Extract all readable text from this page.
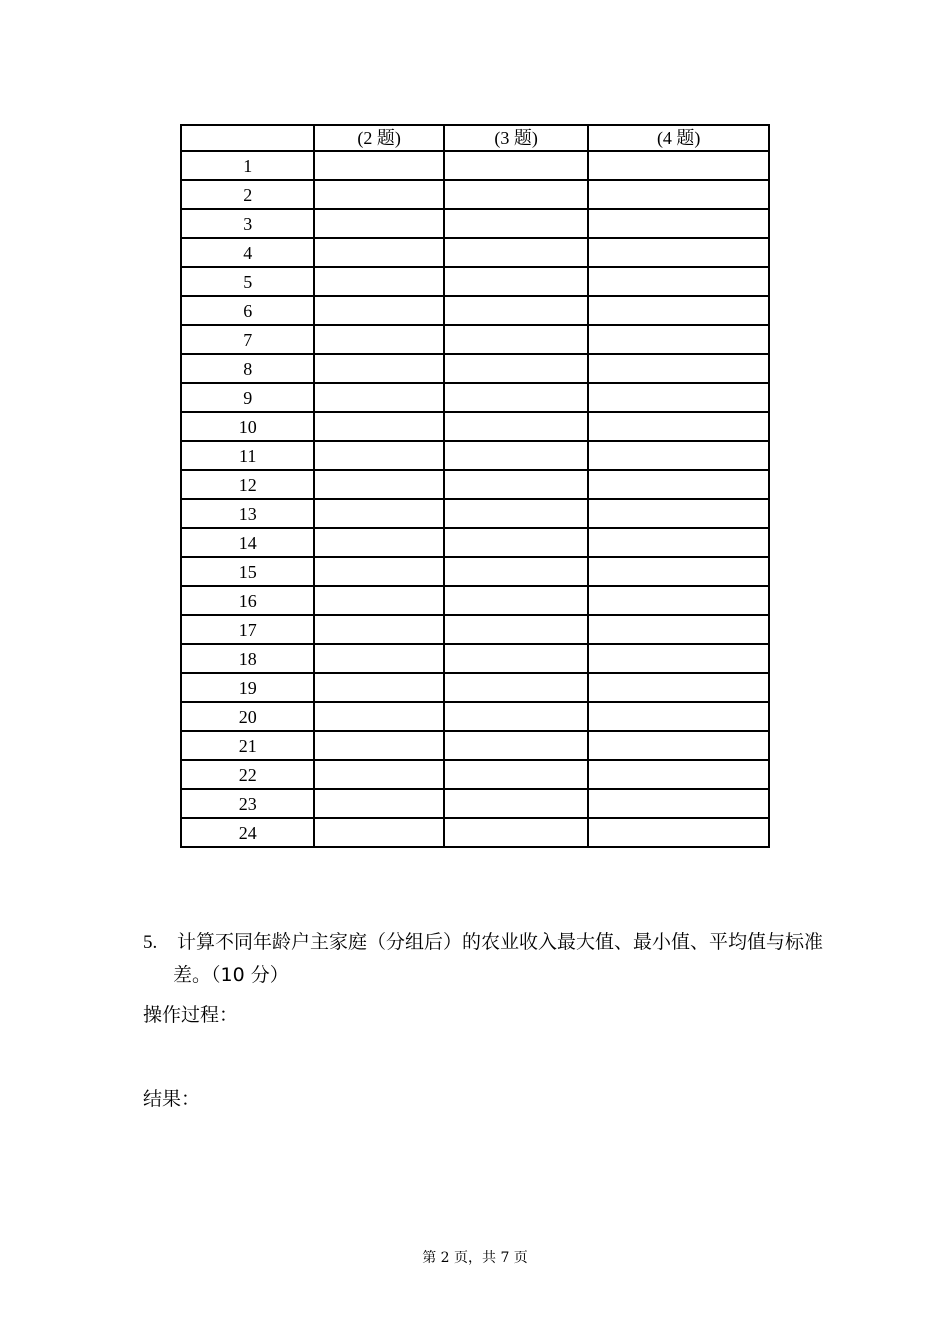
	(2 题)	(3 题)	(4 题)
1			
2			
3			
4			
5			
6			
7			
8			
9			
10			
11			
12			
13			
14			
15			
16			
17			
18			
19			
20			
21			
22			
23			
24			
5. 计算不同年龄户主家庭（分组后）的农业收入最大值、最小值、平均值与标准
差。（10 分）
操作过程：
结果：
第 2 页，共 7 页
